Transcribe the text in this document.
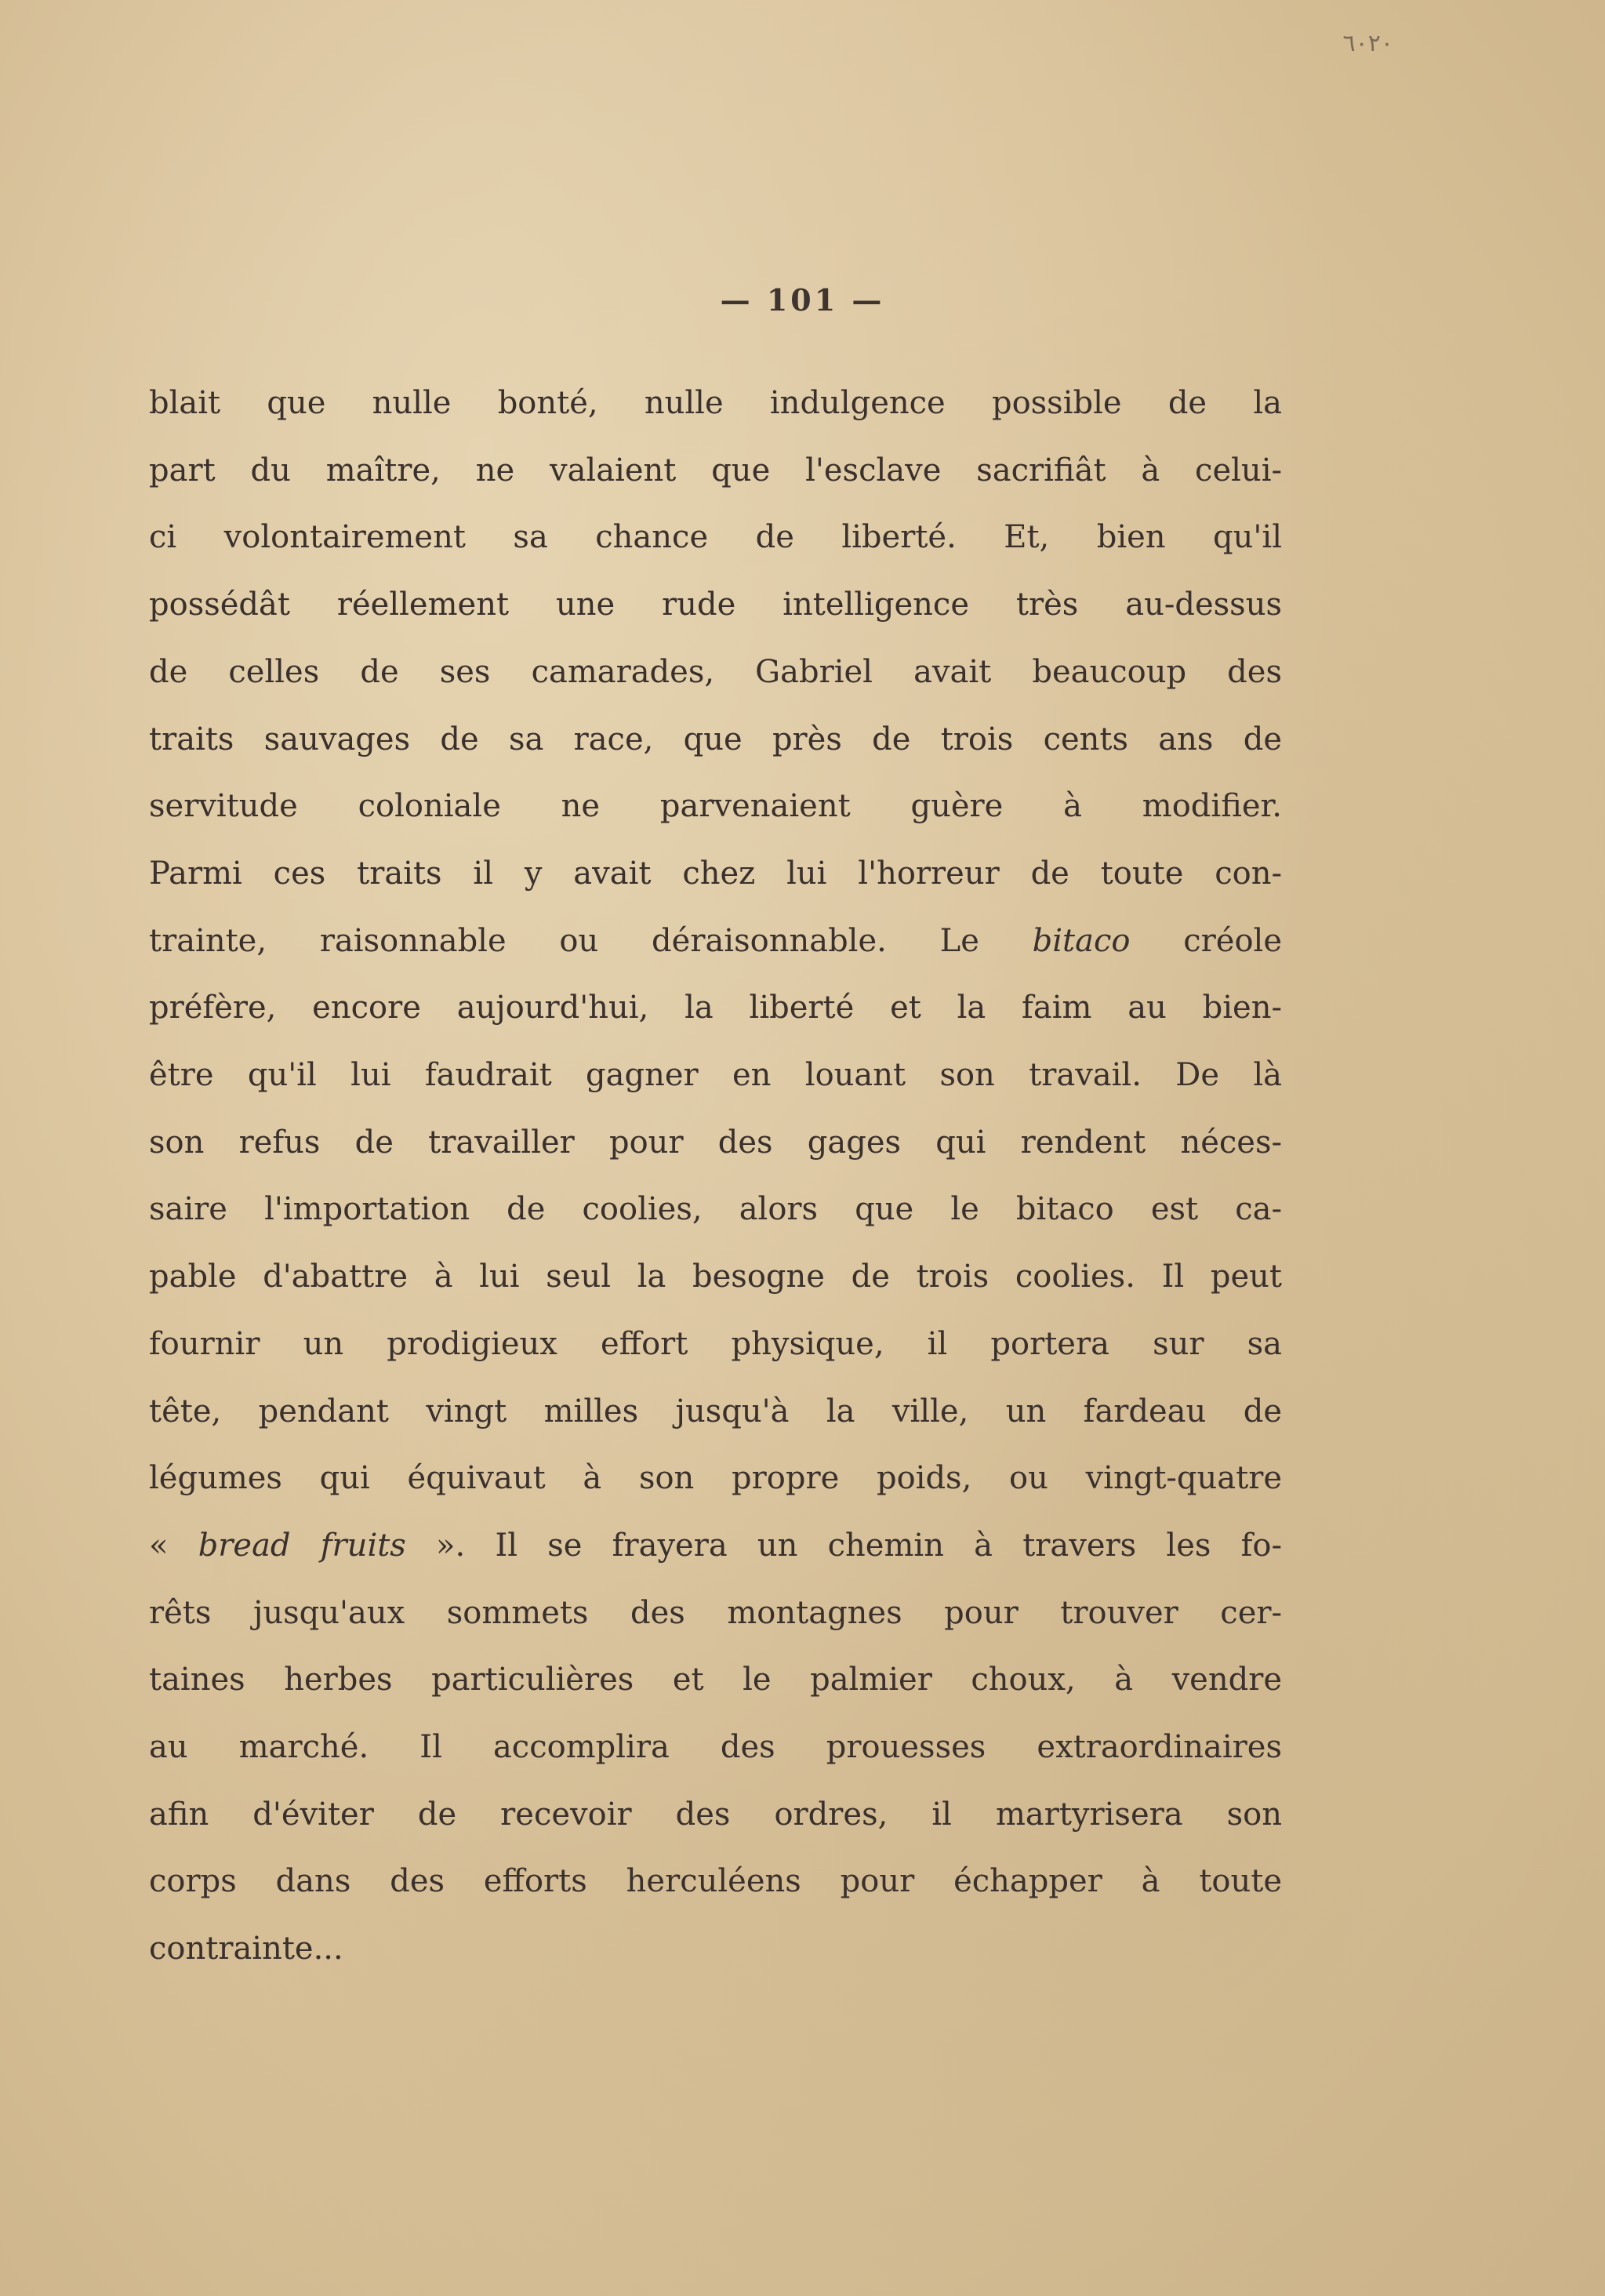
٦٠٢٠
— 101 —
blait que nulle bonté, nulle indulgence possible de la
part du maître, ne valaient que l'esclave sacrifiât à celui-
ci volontairement sa chance de liberté. Et, bien qu'il
possédât réellement une rude intelligence très au-dessus
de celles de ses camarades, Gabriel avait beaucoup des
traits sauvages de sa race, que près de trois cents ans de
servitude coloniale ne parvenaient guère à modifier.
Parmi ces traits il y avait chez lui l'horreur de toute con-
trainte, raisonnable ou déraisonnable. Le bitaco créole
préfère, encore aujourd'hui, la liberté et la faim au bien-
être qu'il lui faudrait gagner en louant son travail. De là
son refus de travailler pour des gages qui rendent néces-
saire l'importation de coolies, alors que le bitaco est ca-
pable d'abattre à lui seul la besogne de trois coolies. Il peut
fournir un prodigieux effort physique, il portera sur sa
tête, pendant vingt milles jusqu'à la ville, un fardeau de
légumes qui équivaut à son propre poids, ou vingt-quatre
« bread fruits ». Il se frayera un chemin à travers les fo-
rêts jusqu'aux sommets des montagnes pour trouver cer-
taines herbes particulières et le palmier choux, à vendre
au marché. Il accomplira des prouesses extraordinaires
afin d'éviter de recevoir des ordres, il martyrisera son
corps dans des efforts herculéens pour échapper à toute
contrainte...
